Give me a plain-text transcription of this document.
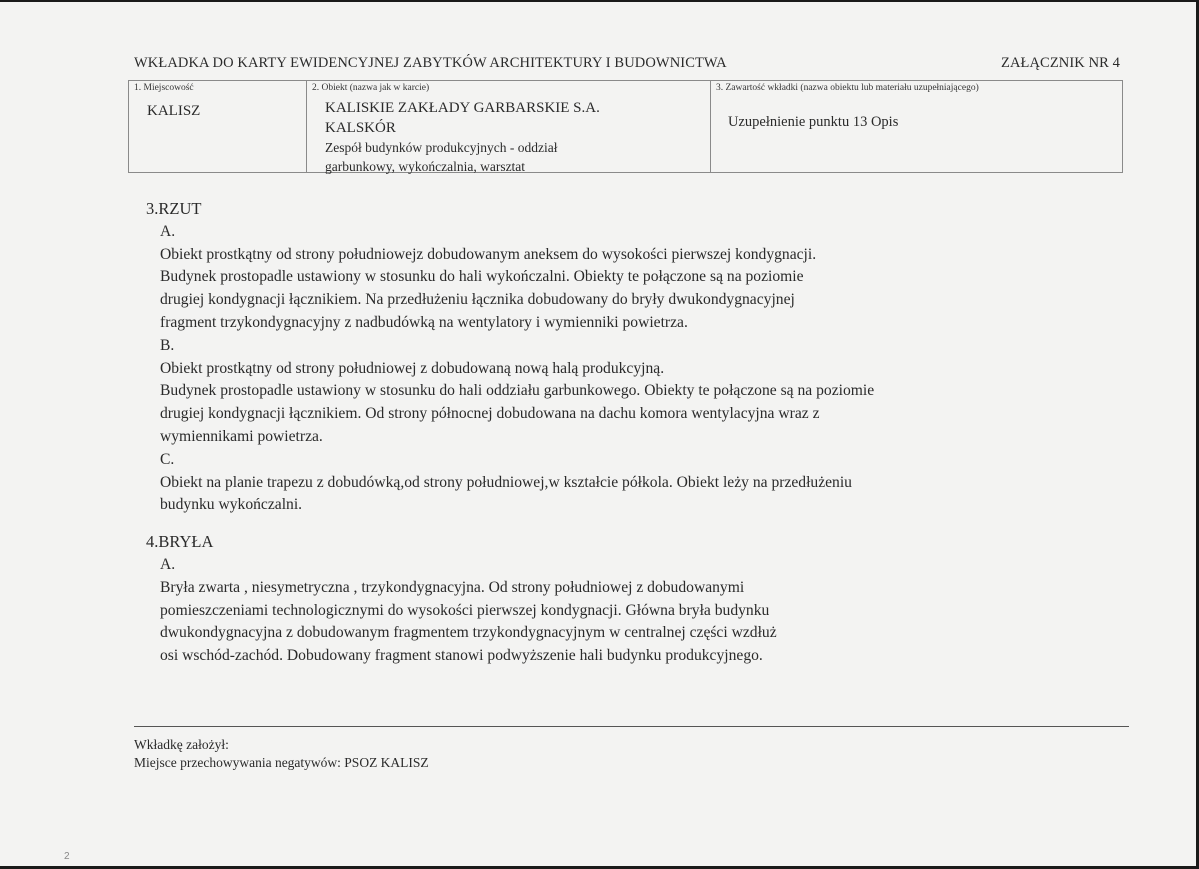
WKŁADKA DO KARTY EWIDENCYJNEJ ZABYTKÓW ARCHITEKTURY I BUDOWNICTWA	ZAŁĄCZNIK NR 4
1. Miejscowość
KALISZ
2. Obiekt (nazwa jak w karcie)
KALISKIE ZAKŁADY GARBARSKIE S.A.
KALSKÓR
Zespół budynków produkcyjnych - oddział
garbunkowy, wykończalnia, warsztat
3. Zawartość wkładki (nazwa obiektu lub materiału uzupełniającego)
Uzupełnienie punktu 13 Opis
3.RZUT
A.
Obiekt prostkątny od strony południowejz dobudowanym aneksem do wysokości pierwszej kondygnacji.
Budynek prostopadle ustawiony w stosunku do hali wykończalni. Obiekty te połączone są na poziomie
drugiej kondygnacji łącznikiem. Na przedłużeniu łącznika dobudowany do bryły dwukondygnacyjnej
fragment trzykondygnacyjny z nadbudówką na wentylatory i wymienniki powietrza.
B.
Obiekt prostkątny od strony południowej z dobudowaną nową halą produkcyjną.
Budynek prostopadle ustawiony w stosunku do hali oddziału garbunkowego. Obiekty te połączone są na poziomie
drugiej kondygnacji łącznikiem. Od strony północnej dobudowana na dachu komora wentylacyjna wraz z
wymiennikami powietrza.
C.
Obiekt na planie trapezu z dobudówką,od strony południowej,w kształcie półkola. Obiekt leży na przedłużeniu
budynku wykończalni.
4.BRYŁA
A.
Bryła zwarta , niesymetryczna , trzykondygnacyjna. Od strony południowej z dobudowanymi
pomieszczeniami technologicznymi do wysokości pierwszej kondygnacji. Główna bryła budynku
dwukondygnacyjna z dobudowanym fragmentem trzykondygnacyjnym w centralnej części wzdłuż
osi wschód-zachód. Dobudowany fragment stanowi podwyższenie hali budynku produkcyjnego.
Wkładkę założył:
Miejsce przechowywania negatywów: PSOZ KALISZ
2
